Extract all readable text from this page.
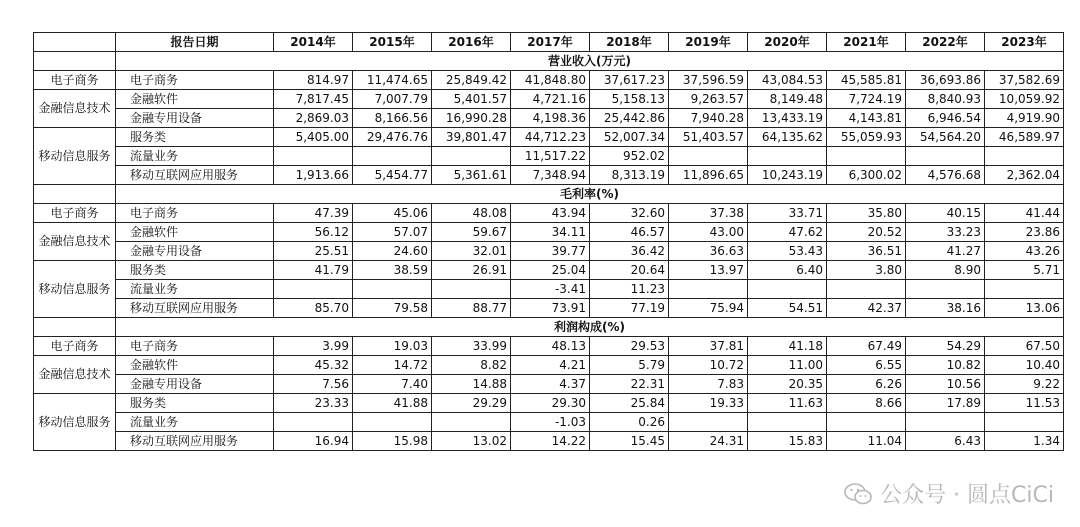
	报告日期	2014年	2015年	2016年	2017年	2018年	2019年	2020年	2021年	2022年	2023年
	营业收入(万元)										
电子商务	电子商务	814.97	11,474.65	25,849.42	41,848.80	37,617.23	37,596.59	43,084.53	45,585.81	36,693.86	37,582.69
金融信息技术	金融软件	7,817.45	7,007.79	5,401.57	4,721.16	5,158.13	9,263.57	8,149.48	7,724.19	8,840.93	10,059.92
	金融专用设备	2,869.03	8,166.56	16,990.28	4,198.36	25,442.86	7,940.28	13,433.19	4,143.81	6,946.54	4,919.90
移动信息服务	服务类	5,405.00	29,476.76	39,801.47	44,712.23	52,007.34	51,403.57	64,135.62	55,059.93	54,564.20	46,589.97
	流量业务				11,517.22	952.02					
	移动互联网应用服务	1,913.66	5,454.77	5,361.61	7,348.94	8,313.19	11,896.65	10,243.19	6,300.02	4,576.68	2,362.04
	毛利率(%)										
电子商务	电子商务	47.39	45.06	48.08	43.94	32.60	37.38	33.71	35.80	40.15	41.44
金融信息技术	金融软件	56.12	57.07	59.67	34.11	46.57	43.00	47.62	20.52	33.23	23.86
	金融专用设备	25.51	24.60	32.01	39.77	36.42	36.63	53.43	36.51	41.27	43.26
移动信息服务	服务类	41.79	38.59	26.91	25.04	20.64	13.97	6.40	3.80	8.90	5.71
	流量业务				-3.41	11.23					
	移动互联网应用服务	85.70	79.58	88.77	73.91	77.19	75.94	54.51	42.37	38.16	13.06
	利润构成(%)										
电子商务	电子商务	3.99	19.03	33.99	48.13	29.53	37.81	41.18	67.49	54.29	67.50
金融信息技术	金融软件	45.32	14.72	8.82	4.21	5.79	10.72	11.00	6.55	10.82	10.40
	金融专用设备	7.56	7.40	14.88	4.37	22.31	7.83	20.35	6.26	10.56	9.22
移动信息服务	服务类	23.33	41.88	29.29	29.30	25.84	19.33	11.63	8.66	17.89	11.53
	流量业务				-1.03	0.26					
	移动互联网应用服务	16.94	15.98	13.02	14.22	15.45	24.31	15.83	11.04	6.43	1.34
公众号 · 圆点CiCi
